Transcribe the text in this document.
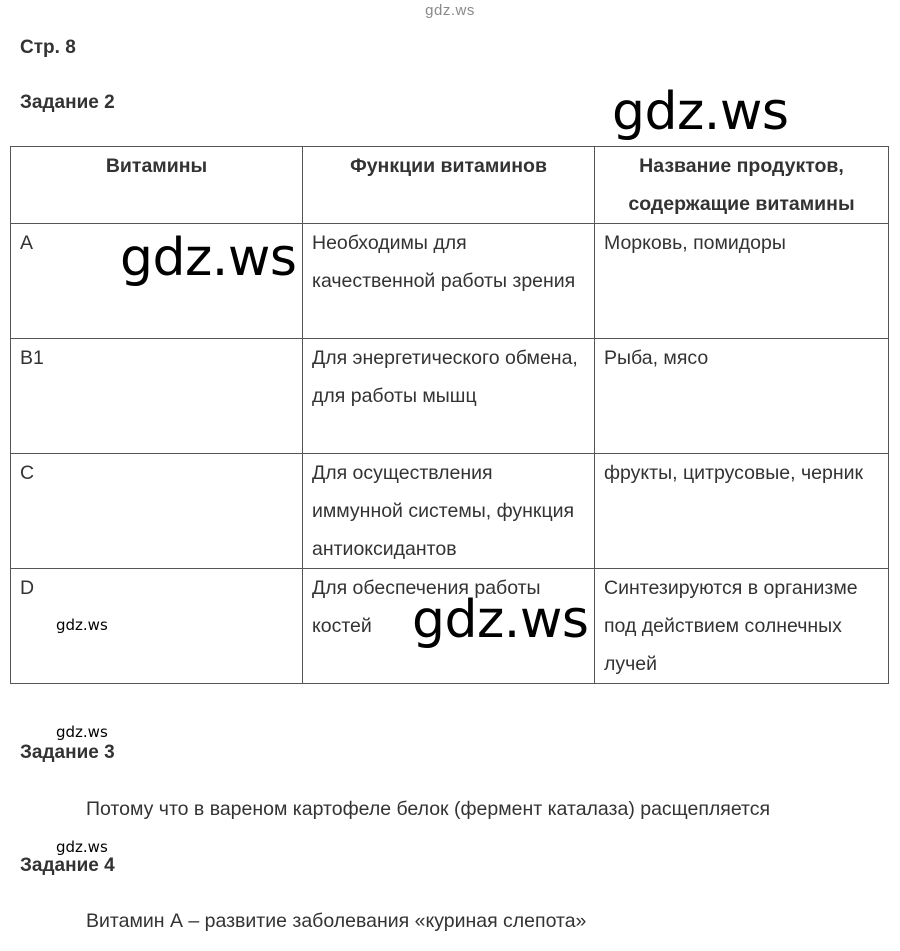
gdz.ws
Стр. 8
Задание 2	gdz.ws
Витамины	Функции витаминов	Название продуктов, содержащие витамины
A	Необходимы для качественной работы зрения	Морковь, помидоры
B1	Для энергетического обмена, для работы мышц	Рыба, мясо
C	Для осуществления иммунной системы, функция антиоксидантов	фрукты, цитрусовые, черник
D	Для обеспечения работы костей	Синтезируются в организме под действием солнечных лучей
gdz.ws
gdz.ws
gdz.ws
gdz.ws
Задание 3
Потому что в вареном картофеле белок (фермент каталаза) расщепляется
gdz.ws
Задание 4
Витамин А – развитие заболевания «куриная слепота»
